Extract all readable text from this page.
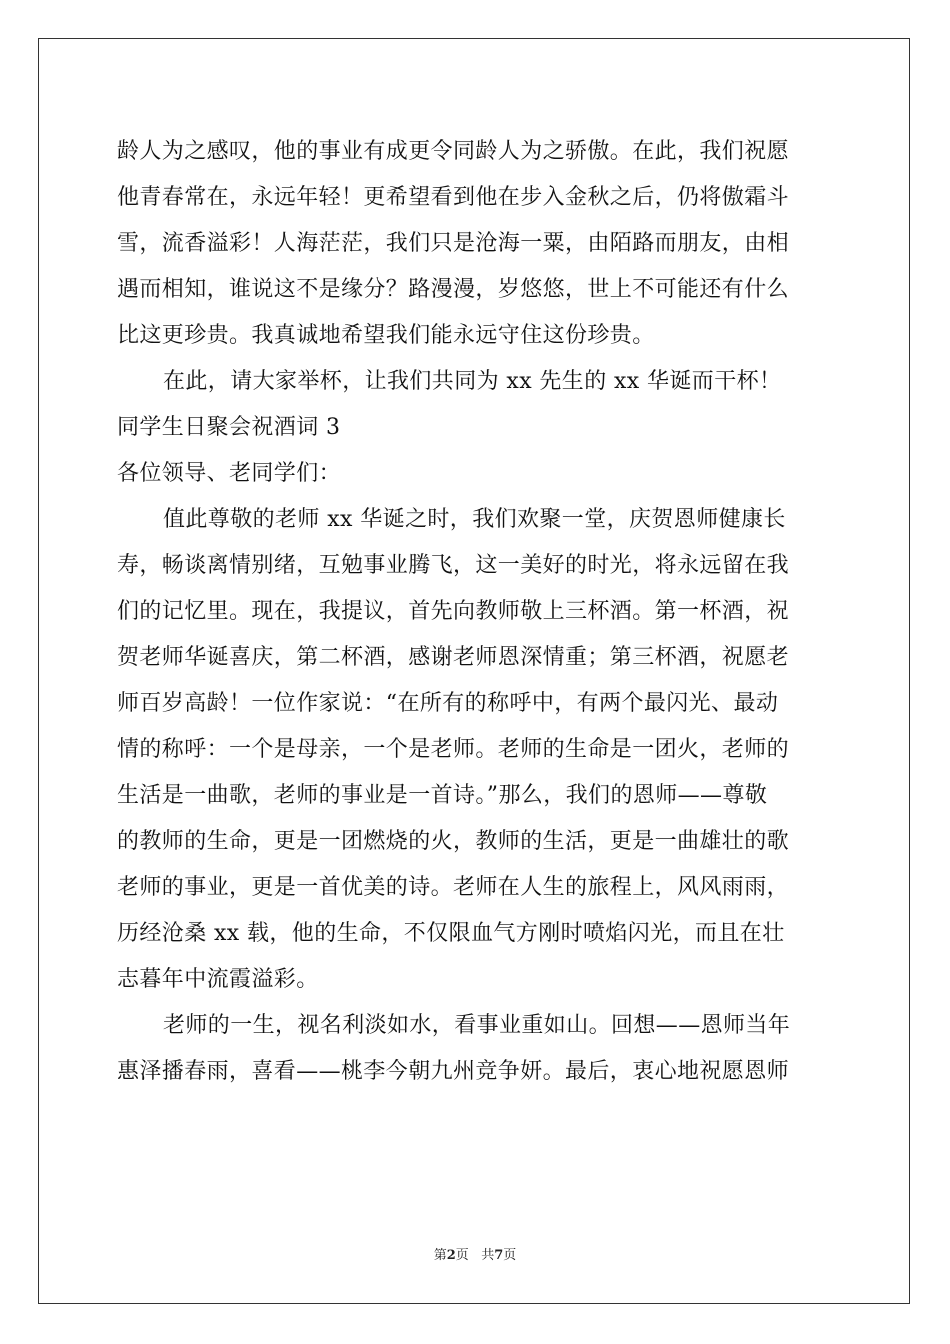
龄人为之感叹，他的事业有成更令同龄人为之骄傲。在此，我们祝愿
他青春常在，永远年轻！更希望看到他在步入金秋之后，仍将傲霜斗
雪，流香溢彩！人海茫茫，我们只是沧海一粟，由陌路而朋友，由相
遇而相知，谁说这不是缘分？路漫漫，岁悠悠，世上不可能还有什么
比这更珍贵。我真诚地希望我们能永远守住这份珍贵。
在此，请大家举杯，让我们共同为 xx 先生的 xx 华诞而干杯！
同学生日聚会祝酒词 3
各位领导、老同学们：
值此尊敬的老师 xx 华诞之时，我们欢聚一堂，庆贺恩师健康长
寿，畅谈离情别绪，互勉事业腾飞，这一美好的时光，将永远留在我
们的记忆里。现在，我提议，首先向教师敬上三杯酒。第一杯酒，祝
贺老师华诞喜庆，第二杯酒，感谢老师恩深情重；第三杯酒，祝愿老
师百岁高龄！一位作家说：“在所有的称呼中，有两个最闪光、最动
情的称呼：一个是母亲，一个是老师。老师的生命是一团火，老师的
生活是一曲歌，老师的事业是一首诗。”那么，我们的恩师——尊敬
的教师的生命，更是一团燃烧的火，教师的生活，更是一曲雄壮的歌
老师的事业，更是一首优美的诗。老师在人生的旅程上，风风雨雨，
历经沧桑 xx 载，他的生命，不仅限血气方刚时喷焰闪光，而且在壮
志暮年中流霞溢彩。
老师的一生，视名利淡如水，看事业重如山。回想——恩师当年
惠泽播春雨，喜看——桃李今朝九州竞争妍。最后，衷心地祝愿恩师
第2页 共7页
